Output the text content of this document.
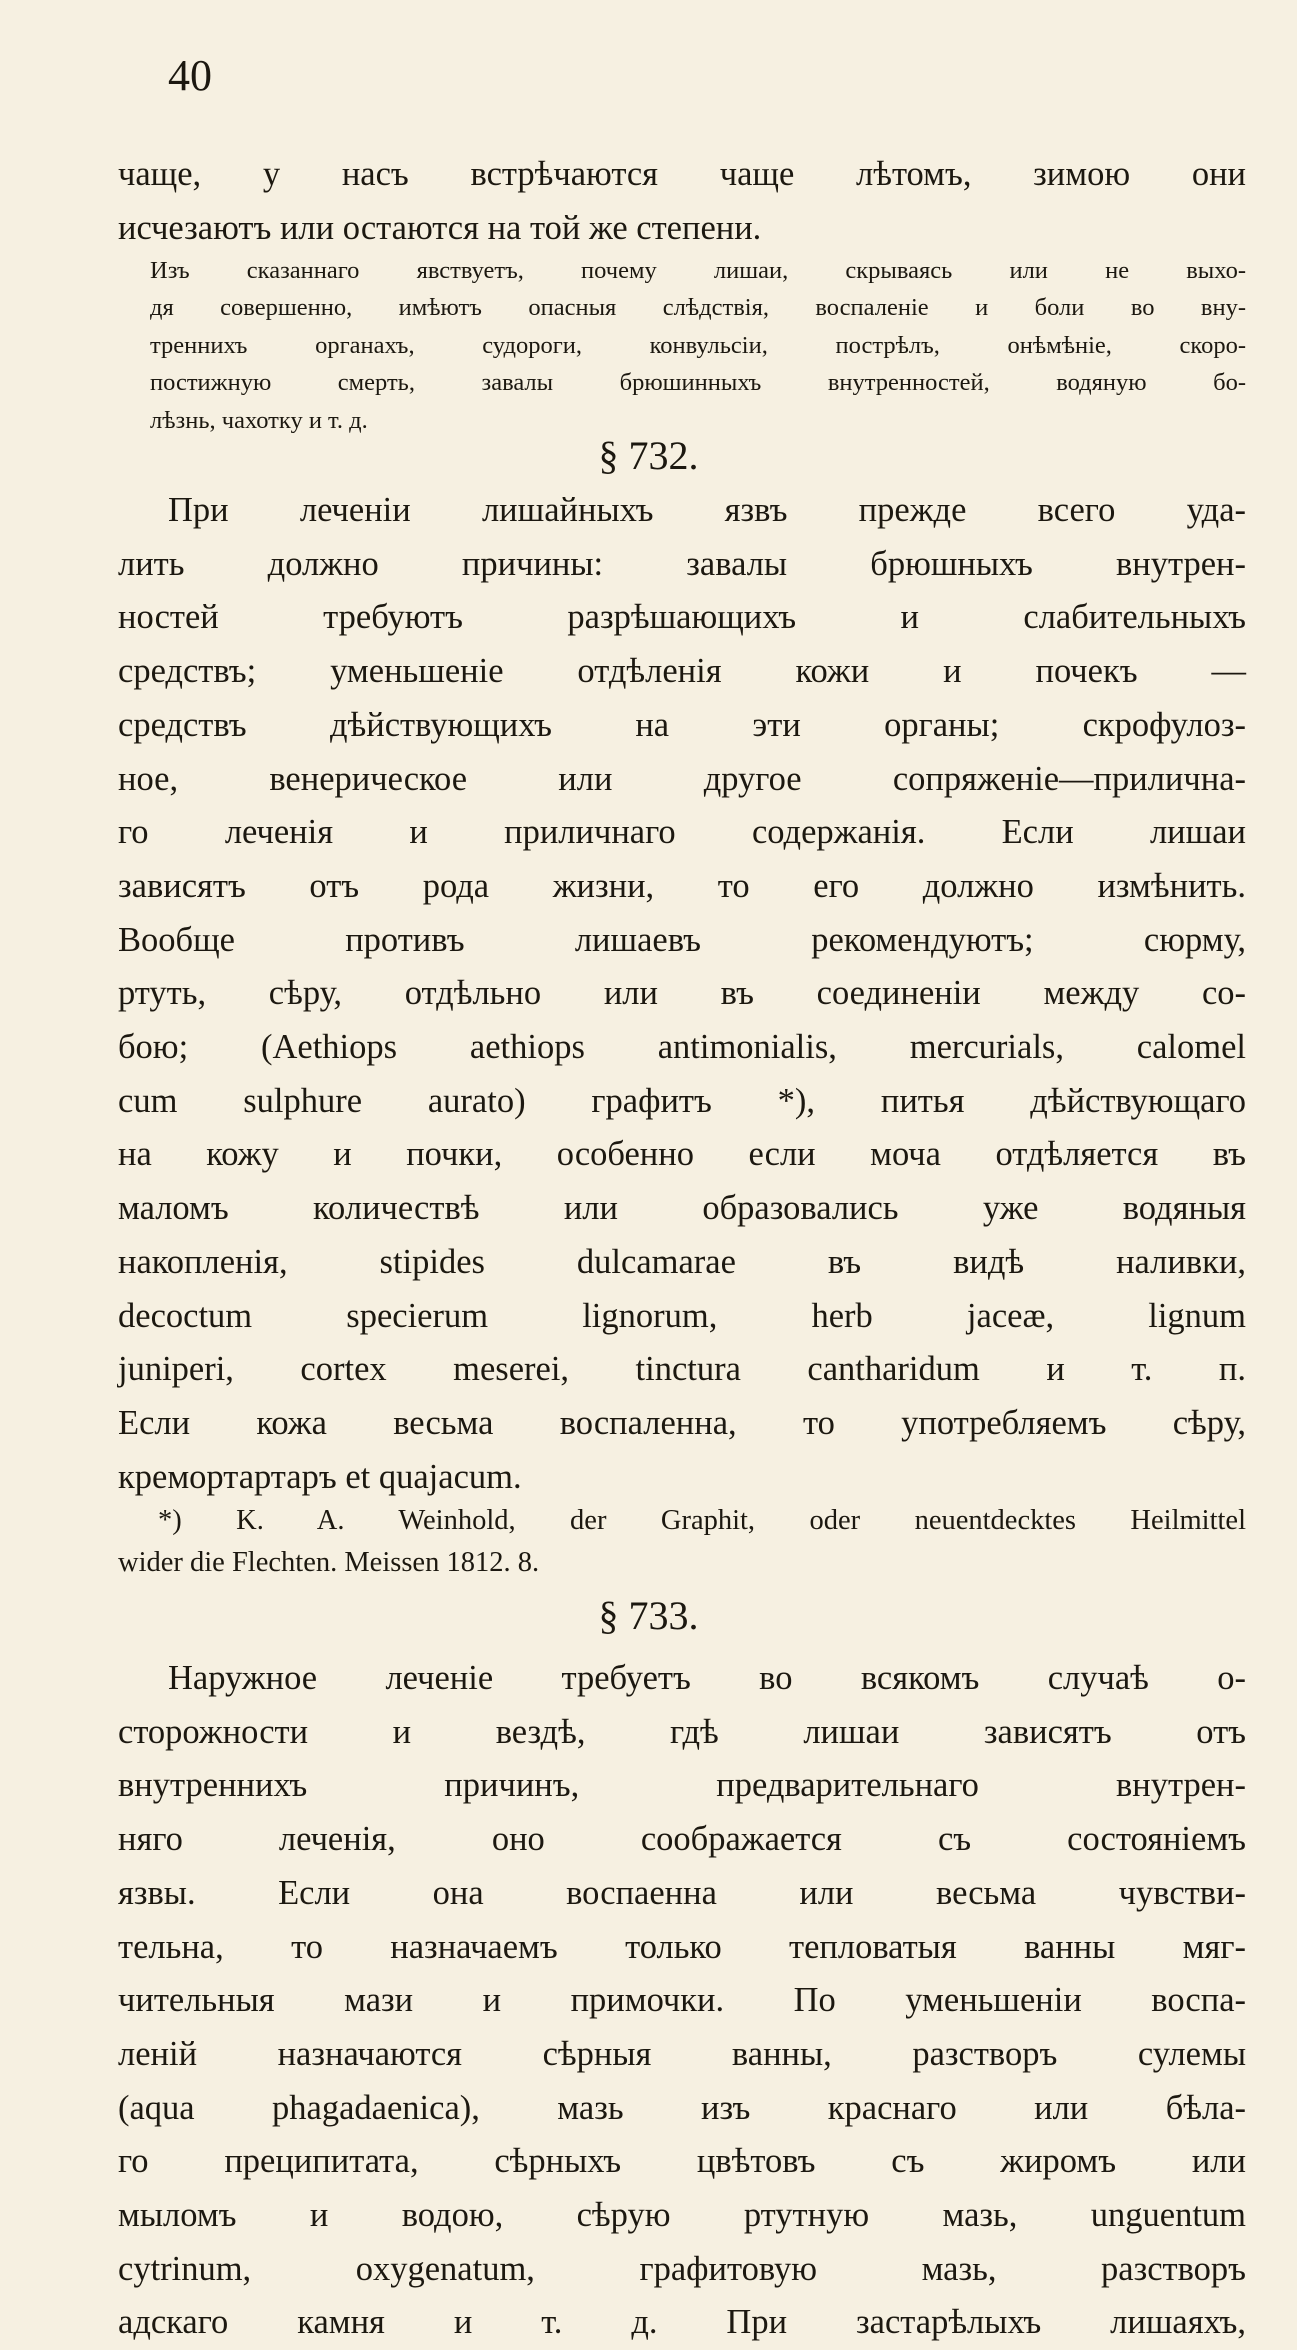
40
чаще, у насъ встрѣчаются чаще лѣтомъ, зимою они
исчезаютъ или остаются на той же степени.
Изъ сказаннаго явствуетъ, почему лишаи, скрываясь или не выхо-
дя совершенно, имѣютъ опасныя слѣдствія, воспаленіе и боли во вну-
треннихъ органахъ, судороги, конвульсіи, пострѣлъ, онѣмѣніе, скоро-
постижную смерть, завалы брюшинныхъ внутренностей, водяную бо-
лѣзнь, чахотку и т. д.
§ 732.
При леченіи лишайныхъ язвъ прежде всего уда-
лить должно причины: завалы брюшныхъ внутрен-
ностей требуютъ разрѣшающихъ и слабительныхъ
средствъ; уменьшеніе отдѣленія кожи и почекъ —
средствъ дѣйствующихъ на эти органы; скрофулоз-
ное, венерическое или другое сопряженіе—прилична-
го леченія и приличнаго содержанія. Если лишаи
зависятъ отъ рода жизни, то его должно измѣнить.
Вообще противъ лишаевъ рекомендуютъ; сюрму,
ртуть, сѣру, отдѣльно или въ соединеніи между со-
бою; (Aethiops aethiops antimonialis, mercurials, calomel
cum sulphure aurato) графитъ *), питья дѣйствующаго
на кожу и почки, особенно если моча отдѣляется въ
маломъ количествѣ или образовались уже водяныя
накопленія, stipides dulcamarae въ видѣ наливки,
decoctum specierum lignorum, herb jaceæ, lignum
juniperi, cortex meserei, tinctura cantharidum и т. п.
Если кожа весьма воспаленна, то употребляемъ сѣру,
кремортартаръ et quajacum.
*) K. A. Weinhold, der Graphit, oder neuentdecktes Heilmittel
wider die Flechten. Meissen 1812. 8.
§ 733.
Наружное леченіе требуетъ во всякомъ случаѣ о-
сторожности и вездѣ, гдѣ лишаи зависятъ отъ
внутреннихъ причинъ, предварительнаго внутрен-
няго леченія, оно соображается съ состояніемъ
язвы. Если она воспаенна или весьма чувстви-
тельна, то назначаемъ только тепловатыя ванны мяг-
чительныя мази и примочки. По уменьшеніи воспа-
леній назначаются сѣрныя ванны, разстворъ сулемы
(aqua phagadaenica), мазь изъ краснаго или бѣла-
го преципитата, сѣрныхъ цвѣтовъ съ жиромъ или
мыломъ и водою, сѣрую ртутную мазь, unguentum
cytrinum, oxygenatum, графитовую мазь, разстворъ
адскаго камня и т. д. При застарѣлыхъ лишаяхъ,
